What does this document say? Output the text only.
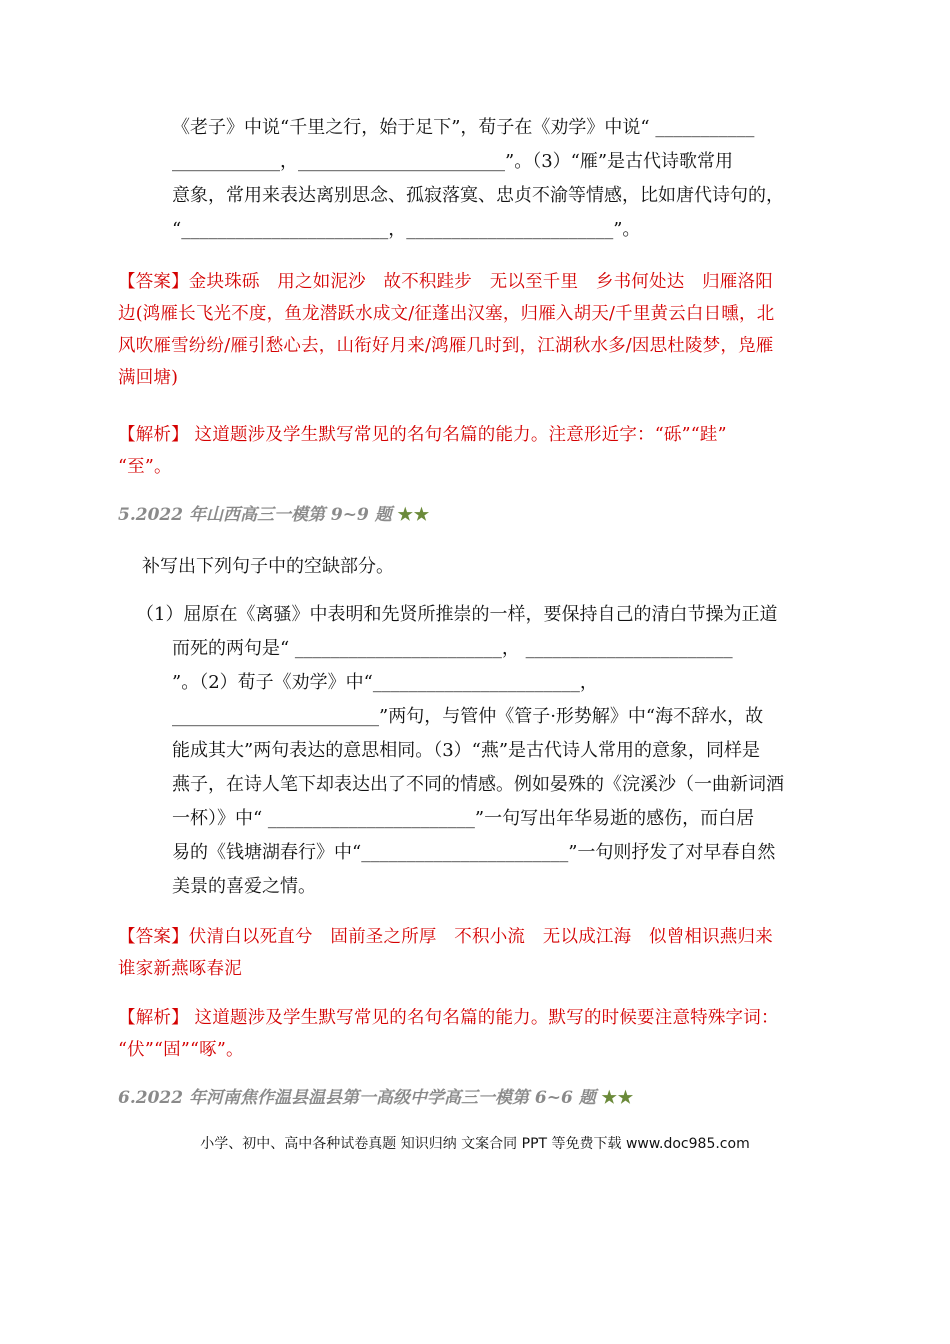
《老子》中说“千里之行，始于足下”，荀子在《劝学》中说“ ___________
____________，_______________________”。（3）“雁”是古代诗歌常用
意象，常用来表达离别思念、孤寂落寞、忠贞不渝等情感，比如唐代诗句的，
“_______________________，_______________________”。
【答案】金块珠砾　用之如泥沙　故不积跬步　无以至千里　乡书何处达　归雁洛阳
边(鸿雁长飞光不度，鱼龙潜跃水成文/征蓬出汉塞，归雁入胡天/千里黄云白日曛，北
风吹雁雪纷纷/雁引愁心去，山衔好月来/鸿雁几时到，江湖秋水多/因思杜陵梦，凫雁
满回塘)
【解析】 这道题涉及学生默写常见的名句名篇的能力。注意形近字：“砾”“跬”
“至”。
5.2022 年山西高三一模第 9~9 题 ★★
补写出下列句子中的空缺部分。
（1）屈原在《离骚》中表明和先贤所推崇的一样，要保持自己的清白节操为正道
而死的两句是“ _______________________， _______________________
”。（2）荀子《劝学》中“_______________________，
_______________________”两句，与管仲《管子·形势解》中“海不辞水，故
能成其大”两句表达的意思相同。（3）“燕”是古代诗人常用的意象，同样是
燕子，在诗人笔下却表达出了不同的情感。例如晏殊的《浣溪沙（一曲新词酒
一杯）》中“ _______________________”一句写出年华易逝的感伤，而白居
易的《钱塘湖春行》中“_______________________”一句则抒发了对早春自然
美景的喜爱之情。
【答案】伏清白以死直兮　固前圣之所厚　不积小流　无以成江海　似曾相识燕归来
谁家新燕啄春泥
【解析】 这道题涉及学生默写常见的名句名篇的能力。默写的时候要注意特殊字词：
“伏”“固”“啄”。
6.2022 年河南焦作温县温县第一高级中学高三一模第 6~6 题 ★★
小学、初中、高中各种试卷真题 知识归纳 文案合同 PPT 等免费下载 www.doc985.com
